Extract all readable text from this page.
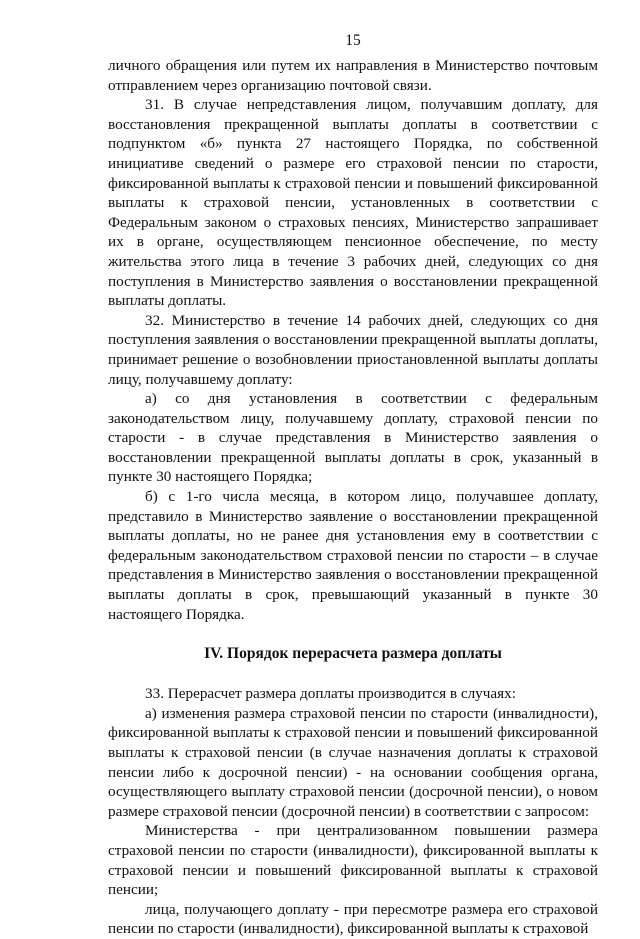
15

личного обращения или путем их направления в Министерство почтовым отправлением через организацию почтовой связи.

31. В случае непредставления лицом, получавшим доплату, для восстановления прекращенной выплаты доплаты в соответствии с подпунктом «б» пункта 27 настоящего Порядка, по собственной инициативе сведений о размере его страховой пенсии по старости, фиксированной выплаты к страховой пенсии и повышений фиксированной выплаты к страховой пенсии, установленных в соответствии с Федеральным законом о страховых пенсиях, Министерство запрашивает их в органе, осуществляющем пенсионное обеспечение, по месту жительства этого лица в течение 3 рабочих дней, следующих со дня поступления в Министерство заявления о восстановлении прекращенной выплаты доплаты.

32. Министерство в течение 14 рабочих дней, следующих со дня поступления заявления о восстановлении прекращенной выплаты доплаты, принимает решение о возобновлении приостановленной выплаты доплаты лицу, получавшему доплату:

а) со дня установления в соответствии с федеральным законодательством лицу, получавшему доплату, страховой пенсии по старости - в случае представления в Министерство заявления о восстановлении прекращенной выплаты доплаты в срок, указанный в пункте 30 настоящего Порядка;

б) с 1-го числа месяца, в котором лицо, получавшее доплату, представило в Министерство заявление о восстановлении прекращенной выплаты доплаты, но не ранее дня установления ему в соответствии с федеральным законодательством страховой пенсии по старости – в случае представления в Министерство заявления о восстановлении прекращенной выплаты доплаты в срок, превышающий указанный в пункте 30 настоящего Порядка.

IV. Порядок перерасчета размера доплаты

33. Перерасчет размера доплаты производится в случаях:

а) изменения размера страховой пенсии по старости (инвалидности), фиксированной выплаты к страховой пенсии и повышений фиксированной выплаты к страховой пенсии (в случае назначения доплаты к страховой пенсии либо к досрочной пенсии) - на основании сообщения органа, осуществляющего выплату страховой пенсии (досрочной пенсии), о новом размере страховой пенсии (досрочной пенсии) в соответствии с запросом:

Министерства - при централизованном повышении размера страховой пенсии по старости (инвалидности), фиксированной выплаты к страховой пенсии и повышений фиксированной выплаты к страховой пенсии;

лица, получающего доплату - при пересмотре размера его страховой пенсии по старости (инвалидности), фиксированной выплаты к страховой
